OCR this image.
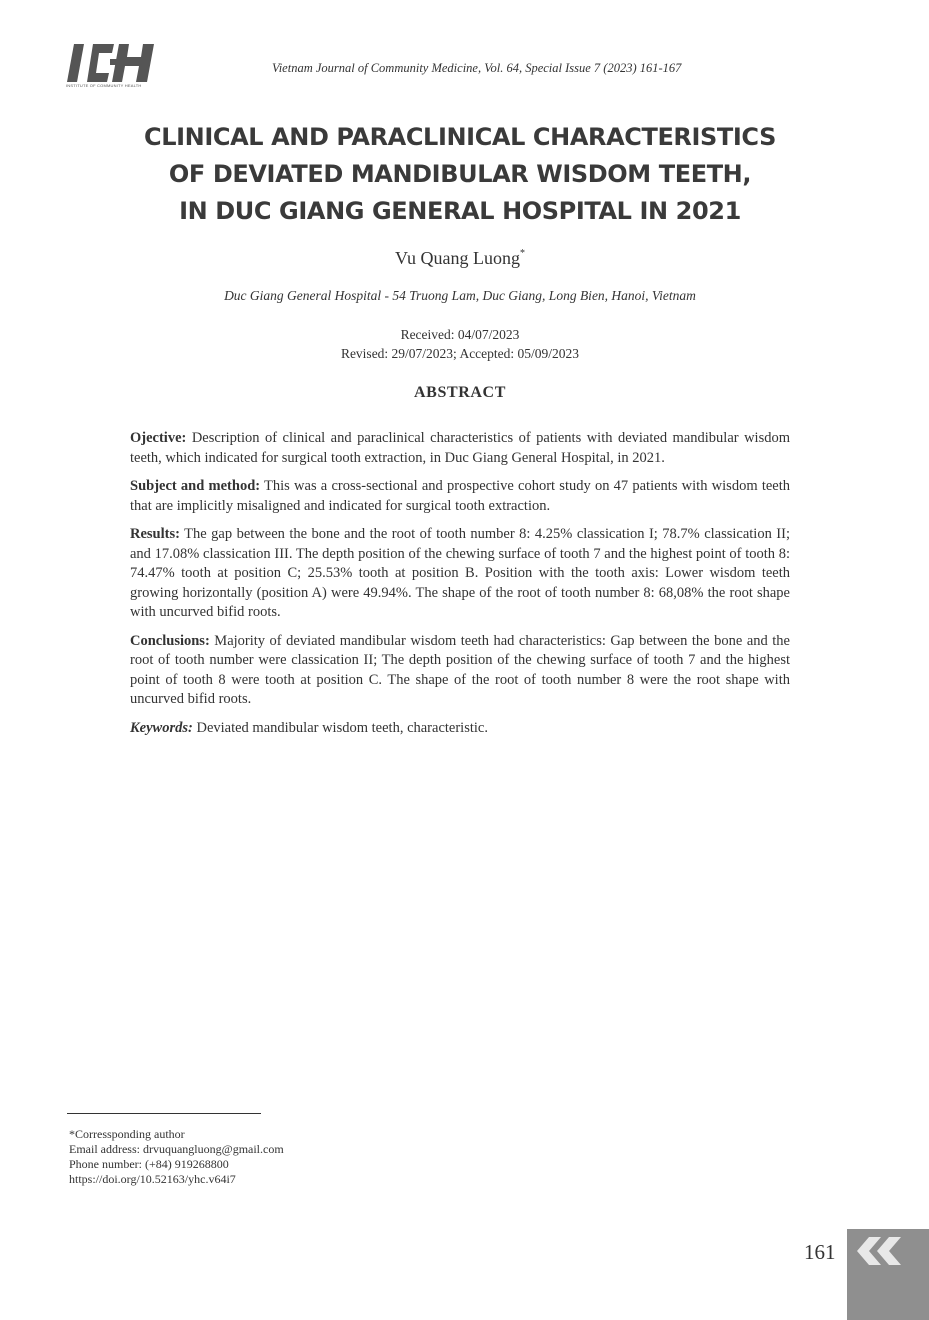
INSTITUTE OF COMMUNITY HEALTH
Vietnam Journal of Community Medicine, Vol. 64, Special Issue 7 (2023) 161-167
CLINICAL AND PARACLINICAL CHARACTERISTICS
OF DEVIATED MANDIBULAR WISDOM TEETH,
IN DUC GIANG GENERAL HOSPITAL IN 2021
Vu Quang Luong*
Duc Giang General Hospital - 54 Truong Lam, Duc Giang, Long Bien, Hanoi, Vietnam
Received: 04/07/2023
Revised: 29/07/2023; Accepted: 05/09/2023
ABSTRACT

Ojective: Description of clinical and paraclinical characteristics of patients with deviated mandibular wisdom teeth, which indicated for surgical tooth extraction, in Duc Giang General Hospital, in 2021.

Subject and method: This was a cross-sectional and prospective cohort study on 47 patients with wisdom teeth that are implicitly misaligned and indicated for surgical tooth extraction.

Results: The gap between the bone and the root of tooth number 8: 4.25% classication I; 78.7% classication II; and 17.08% classication III. The depth position of the chewing surface of tooth 7 and the highest point of tooth 8: 74.47% tooth at position C; 25.53% tooth at position B. Position with the tooth axis: Lower wisdom teeth growing horizontally (position A) were 49.94%. The shape of the root of tooth number 8: 68,08% the root shape with uncurved bifid roots.

Conclusions: Majority of deviated mandibular wisdom teeth had characteristics: Gap between the bone and the root of tooth number were classication II; The depth position of the chewing surface of tooth 7 and the highest point of tooth 8 were tooth at position C. The shape of the root of tooth number 8 were the root shape with uncurved bifid roots.

Keywords: Deviated mandibular wisdom teeth, characteristic.

*Corressponding author
Email address: drvuquangluong@gmail.com
Phone number: (+84) 919268800
https://doi.org/10.52163/yhc.v64i7
161
